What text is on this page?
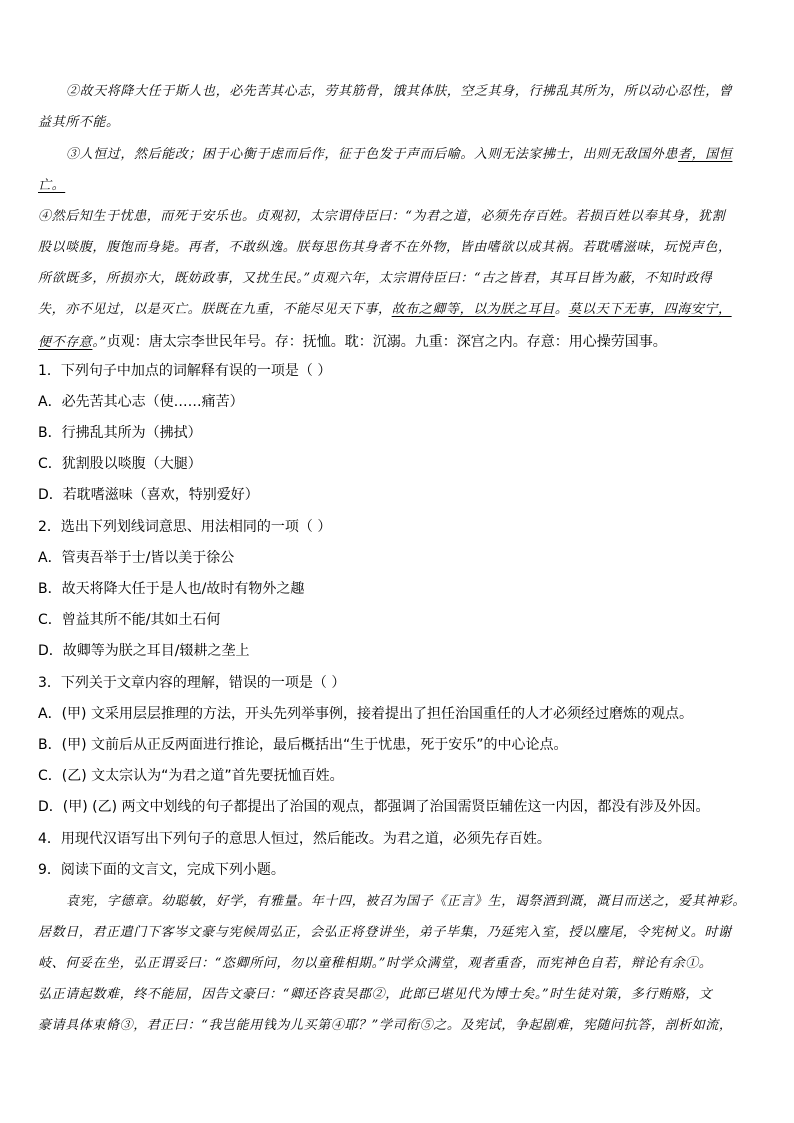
②故天将降大任于斯人也，必先苦其心志，劳其筋骨，饿其体肤，空乏其身，行拂乱其所为，所以动心忍性，曾
益其所不能。
③人恒过，然后能改；困于心衡于虑而后作，征于色发于声而后喻。入则无法家拂士，出则无敌国外患者，国恒
亡。
④然后知生于忧患，而死于安乐也。贞观初，太宗谓侍臣曰：“为君之道，必须先存百姓。若损百姓以奉其身，犹割
股以啖腹，腹饱而身毙。再者，不敢纵逸。朕每思伤其身者不在外物，皆由嗜欲以成其祸。若耽嗜滋味，玩悦声色，
所欲既多，所损亦大，既妨政事，又扰生民。”贞观六年，太宗谓侍臣曰：“古之皆君，其耳目皆为蔽，不知时政得
失，亦不见过，以是灭亡。朕既在九重，不能尽见天下事，故布之卿等，以为朕之耳目。莫以天下无事，四海安宁，
便不存意。”贞观：唐太宗李世民年号。存：抚恤。耽：沉溺。九重：深宫之内。存意：用心操劳国事。
1．下列句子中加点的词解释有误的一项是（ ）
A．必先苦其心志（使……痛苦）
B．行拂乱其所为（拂拭）
C．犹割股以啖腹（大腿）
D．若耽嗜滋味（喜欢，特别爱好）
2．选出下列划线词意思、用法相同的一项（ ）
A．管夷吾举于士/皆以美于徐公
B．故天将降大任于是人也/故时有物外之趣
C．曾益其所不能/其如土石何
D．故卿等为朕之耳目/辍耕之垄上
3．下列关于文章内容的理解，错误的一项是（ ）
A．(甲) 文采用层层推理的方法，开头先列举事例，接着提出了担任治国重任的人才必须经过磨炼的观点。
B．(甲) 文前后从正反两面进行推论，最后概括出“生于忧患，死于安乐”的中心论点。
C．(乙) 文太宗认为“为君之道”首先要抚恤百姓。
D．(甲) (乙) 两文中划线的句子都提出了治国的观点，都强调了治国需贤臣辅佐这一内因，都没有涉及外因。
4．用现代汉语写出下列句子的意思人恒过，然后能改。为君之道，必须先存百姓。
9．阅读下面的文言文，完成下列小题。
袁宪，字德章。幼聪敏，好学，有雅量。年十四，被召为国子《正言》生，谒祭酒到溉，溉目而送之，爱其神彩。
居数日，君正遣门下客岑文豪与宪候周弘正，会弘正将登讲坐，弟子毕集，乃延宪入室，授以麈尾，令宪树义。时谢
岐、何妥在坐，弘正谓妥曰：“恣卿所问，勿以童稚相期。”时学众满堂，观者重沓，而宪神色自若，辩论有余①。
弘正请起数难，终不能屈，因告文豪曰：“卿还咨袁吴郡②，此郎已堪见代为博士矣。”时生徒对策，多行贿赂，文
豪请具体束脩③，君正曰：“我岂能用钱为儿买第④耶？”学司衔⑤之。及宪试，争起剧难，宪随问抗答，剖析如流，
